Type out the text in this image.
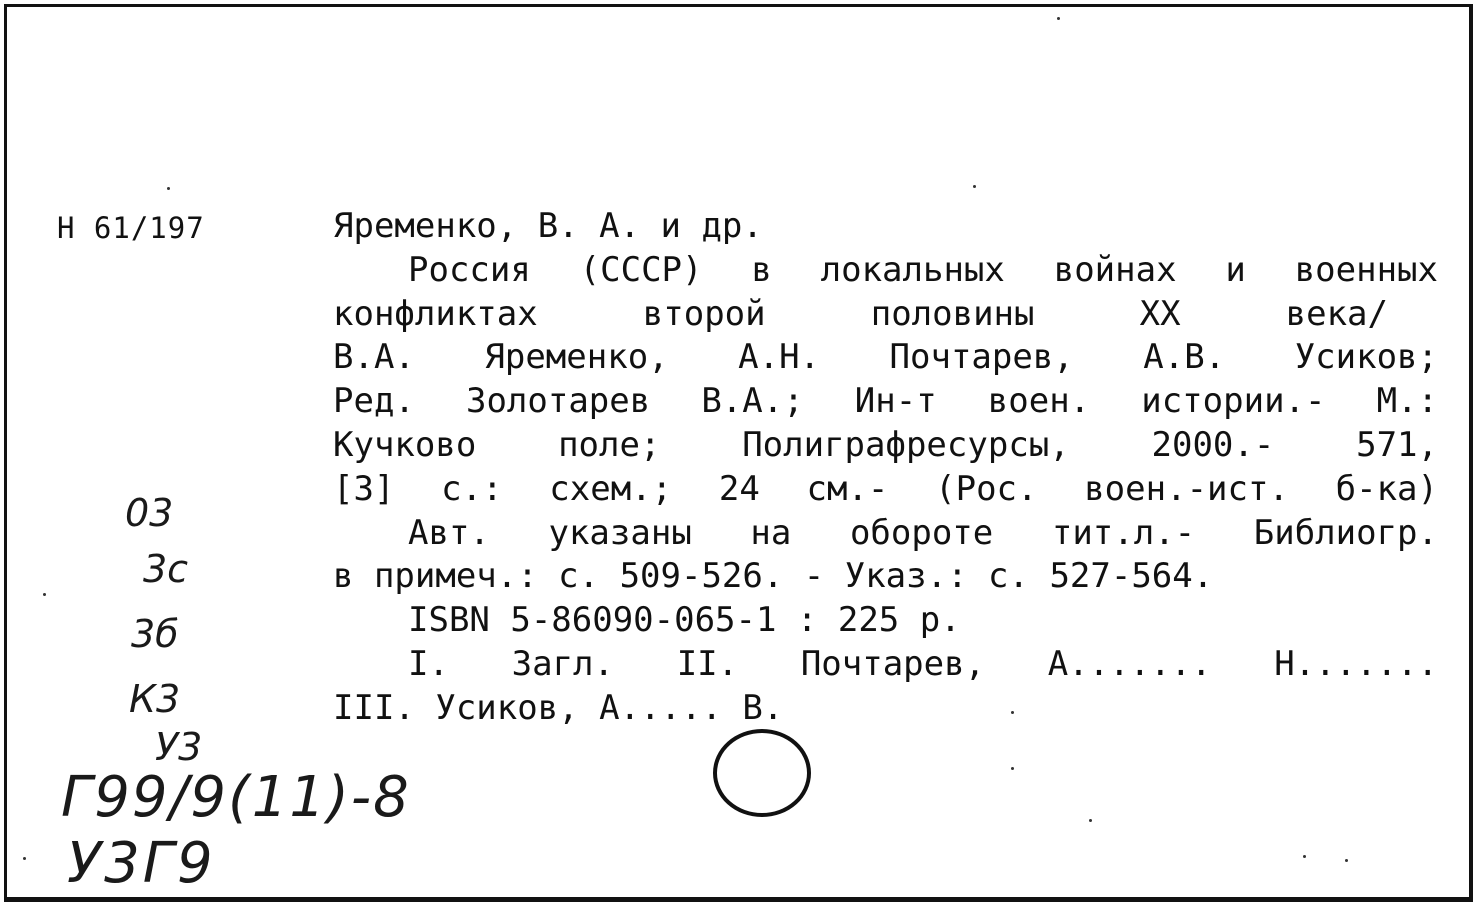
Н 61/197	Яременко, В. А. и др.
Россия (СССР) в локальных войнах и военных
конфликтах второй половины XX века/
В.А. Яременко, А.Н. Почтарев, А.В. Усиков;
Ред. Золотарев В.А.; Ин-т воен. истории.- М.:
Кучково поле; Полиграфресурсы, 2000.- 571,
[3] с.: схем.; 24 см.- (Рос. воен.-ист. б-ка)
Авт. указаны на обороте тит.л.- Библиогр.
в примеч.: с. 509-526. - Указ.: с. 527-564.
ISBN 5-86090-065-1 : 225 р.
I. Загл. II. Почтарев, А....... Н.......
III. Усиков, А..... В.
03
3с
3б
К3
У3
Г99/9(11)-8
У3Г9
